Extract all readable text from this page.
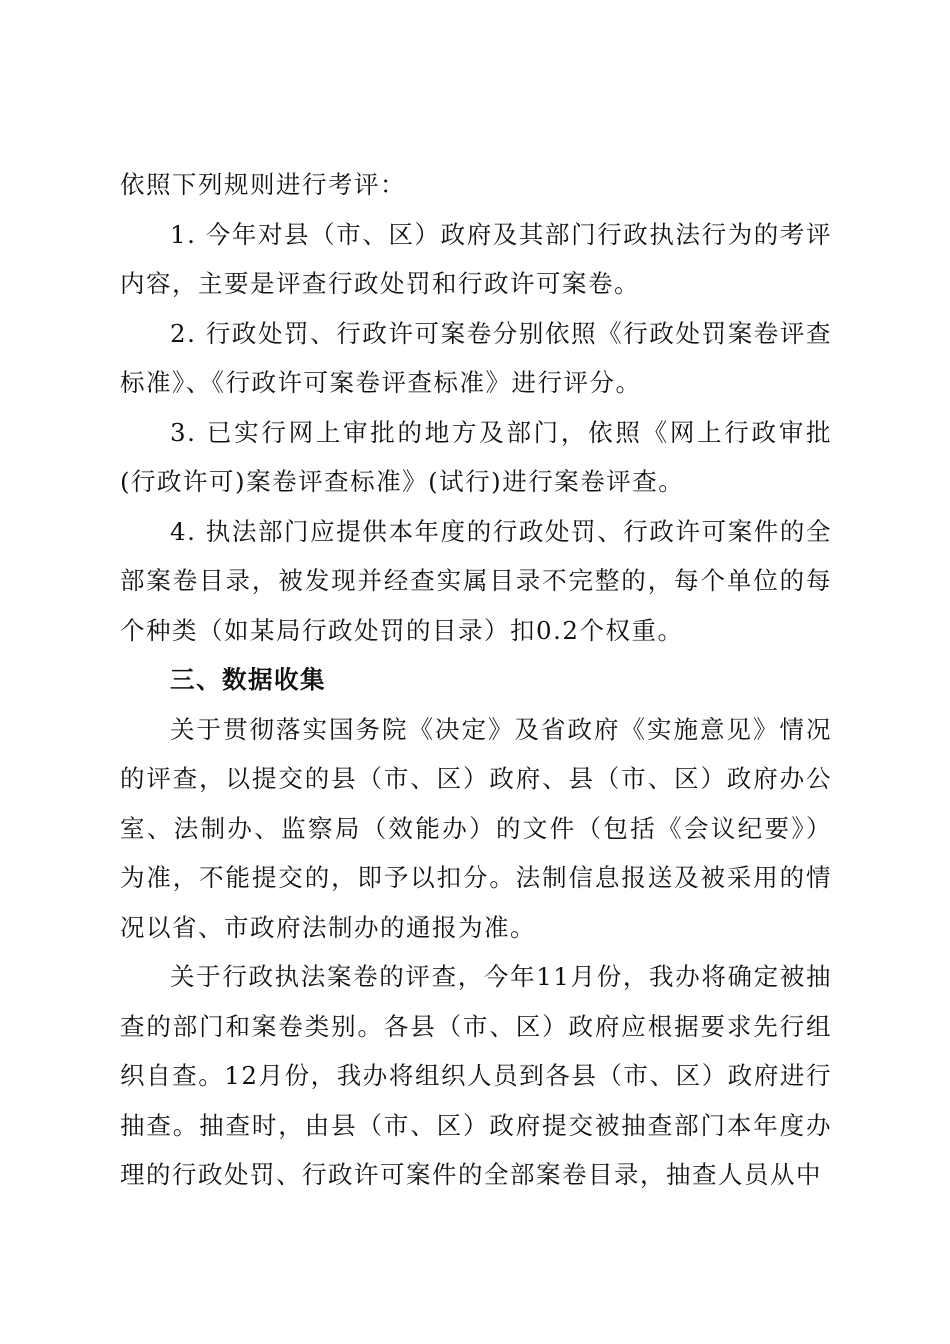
依照下列规则进行考评：

1. 今年对县（市、区）政府及其部门行政执法行为的考评内容，主要是评查行政处罚和行政许可案卷。

2. 行政处罚、行政许可案卷分别依照《行政处罚案卷评查标准》、《行政许可案卷评查标准》进行评分。

3. 已实行网上审批的地方及部门，依照《网上行政审批(行政许可)案卷评查标准》(试行)进行案卷评查。

4. 执法部门应提供本年度的行政处罚、行政许可案件的全部案卷目录，被发现并经查实属目录不完整的，每个单位的每个种类（如某局行政处罚的目录）扣0.2个权重。

三、数据收集

关于贯彻落实国务院《决定》及省政府《实施意见》情况的评查，以提交的县（市、区）政府、县（市、区）政府办公室、法制办、监察局（效能办）的文件（包括《会议纪要》）为准，不能提交的，即予以扣分。法制信息报送及被采用的情况以省、市政府法制办的通报为准。

关于行政执法案卷的评查，今年11月份，我办将确定被抽查的部门和案卷类别。各县（市、区）政府应根据要求先行组织自查。12月份，我办将组织人员到各县（市、区）政府进行抽查。抽查时，由县（市、区）政府提交被抽查部门本年度办理的行政处罚、行政许可案件的全部案卷目录，抽查人员从中
